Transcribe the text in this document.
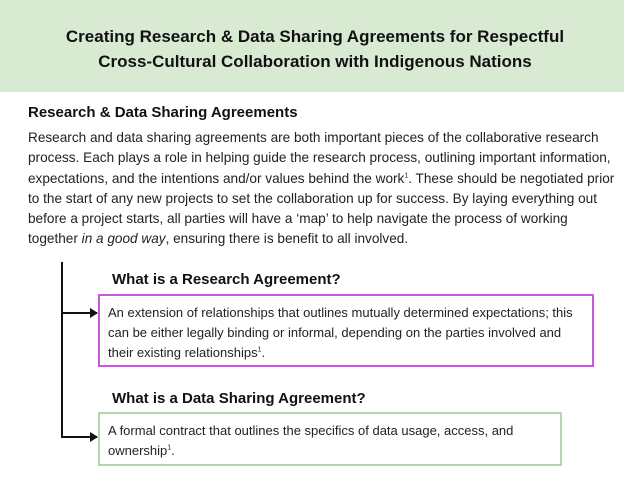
Creating Research & Data Sharing Agreements for Respectful
Cross-Cultural Collaboration with Indigenous Nations
Research & Data Sharing Agreements

Research and data sharing agreements are both important pieces of the collaborative research process. Each plays a role in helping guide the research process, outlining important information, expectations, and the intentions and/or values behind the work$^1$. These should be negotiated prior to the start of any new projects to set the collaboration up for success. By laying everything out before a project starts, all parties will have a ‘map’ to help navigate the process of working together in a good way, ensuring there is benefit to all involved.

What is a Research Agreement?
An extension of relationships that outlines mutually determined expectations; this can be either legally binding or informal, depending on the parties involved and their existing relationships$^1$.
What is a Data Sharing Agreement?
A formal contract that outlines the specifics of data usage, access, and ownership$^1$.
